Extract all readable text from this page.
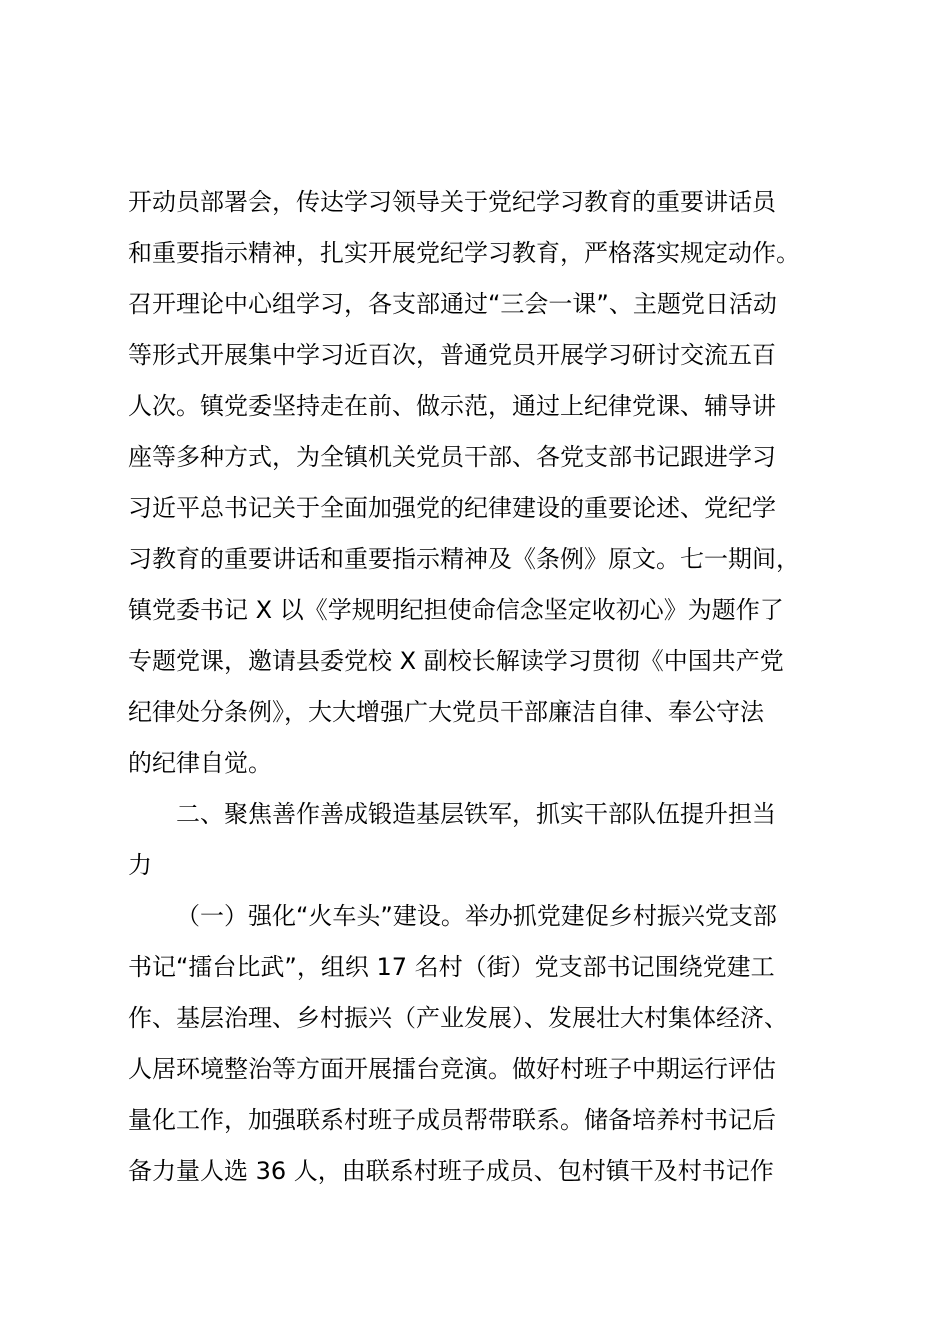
开动员部署会，传达学习领导关于党纪学习教育的重要讲话员
和重要指示精神，扎实开展党纪学习教育，严格落实规定动作。
召开理论中心组学习，各支部通过“三会一课”、主题党日活动
等形式开展集中学习近百次，普通党员开展学习研讨交流五百
人次。镇党委坚持走在前、做示范，通过上纪律党课、辅导讲
座等多种方式，为全镇机关党员干部、各党支部书记跟进学习
习近平总书记关于全面加强党的纪律建设的重要论述、党纪学
习教育的重要讲话和重要指示精神及《条例》原文。七一期间，
镇党委书记 X 以《学规明纪担使命信念坚定收初心》为题作了
专题党课，邀请县委党校 X 副校长解读学习贯彻《中国共产党
纪律处分条例》，大大增强广大党员干部廉洁自律、奉公守法
的纪律自觉。
二、聚焦善作善成锻造基层铁军，抓实干部队伍提升担当
力
（一）强化“火车头”建设。举办抓党建促乡村振兴党支部
书记“擂台比武”，组织 17 名村（街）党支部书记围绕党建工
作、基层治理、乡村振兴（产业发展）、发展壮大村集体经济、
人居环境整治等方面开展擂台竞演。做好村班子中期运行评估
量化工作，加强联系村班子成员帮带联系。储备培养村书记后
备力量人选 36 人，由联系村班子成员、包村镇干及村书记作
